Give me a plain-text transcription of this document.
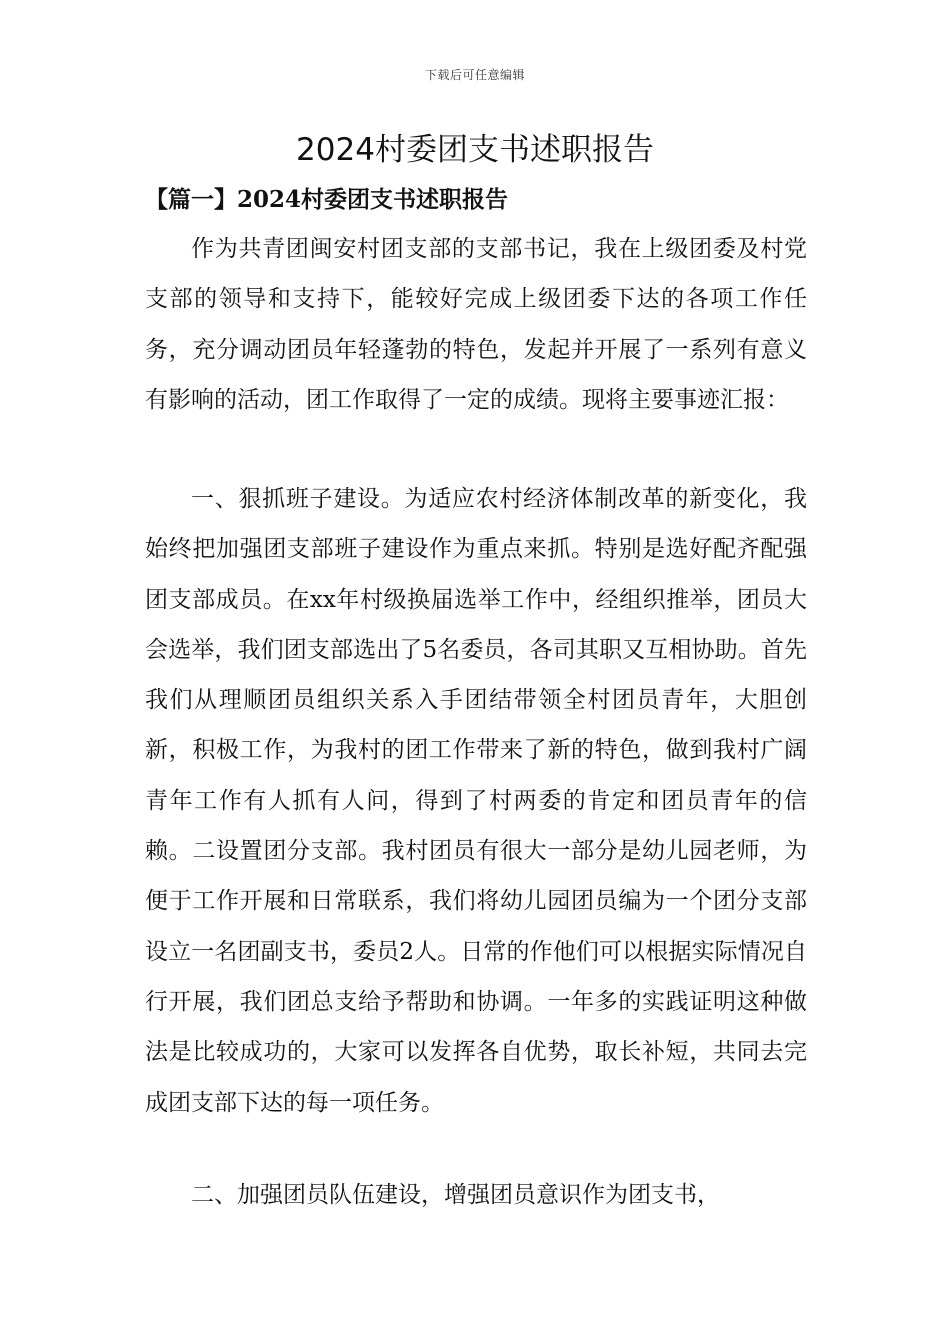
下载后可任意编辑
2024村委团支书述职报告
【篇一】2024村委团支书述职报告

作为共青团闽安村团支部的支部书记，我在上级团委及村党支部的领导和支持下，能较好完成上级团委下达的各项工作任务，充分调动团员年轻蓬勃的特色，发起并开展了一系列有意义有影响的活动，团工作取得了一定的成绩。现将主要事迹汇报：

一、狠抓班子建设。为适应农村经济体制改革的新变化，我始终把加强团支部班子建设作为重点来抓。特别是选好配齐配强团支部成员。在xx年村级换届选举工作中，经组织推举，团员大会选举，我们团支部选出了5名委员，各司其职又互相协助。首先我们从理顺团员组织关系入手团结带领全村团员青年，大胆创新，积极工作，为我村的团工作带来了新的特色，做到我村广阔青年工作有人抓有人问，得到了村两委的肯定和团员青年的信赖。二设置团分支部。我村团员有很大一部分是幼儿园老师，为便于工作开展和日常联系，我们将幼儿园团员编为一个团分支部设立一名团副支书，委员2人。日常的作他们可以根据实际情况自行开展，我们团总支给予帮助和协调。一年多的实践证明这种做法是比较成功的，大家可以发挥各自优势，取长补短，共同去完成团支部下达的每一项任务。

二、加强团员队伍建设，增强团员意识作为团支书，
